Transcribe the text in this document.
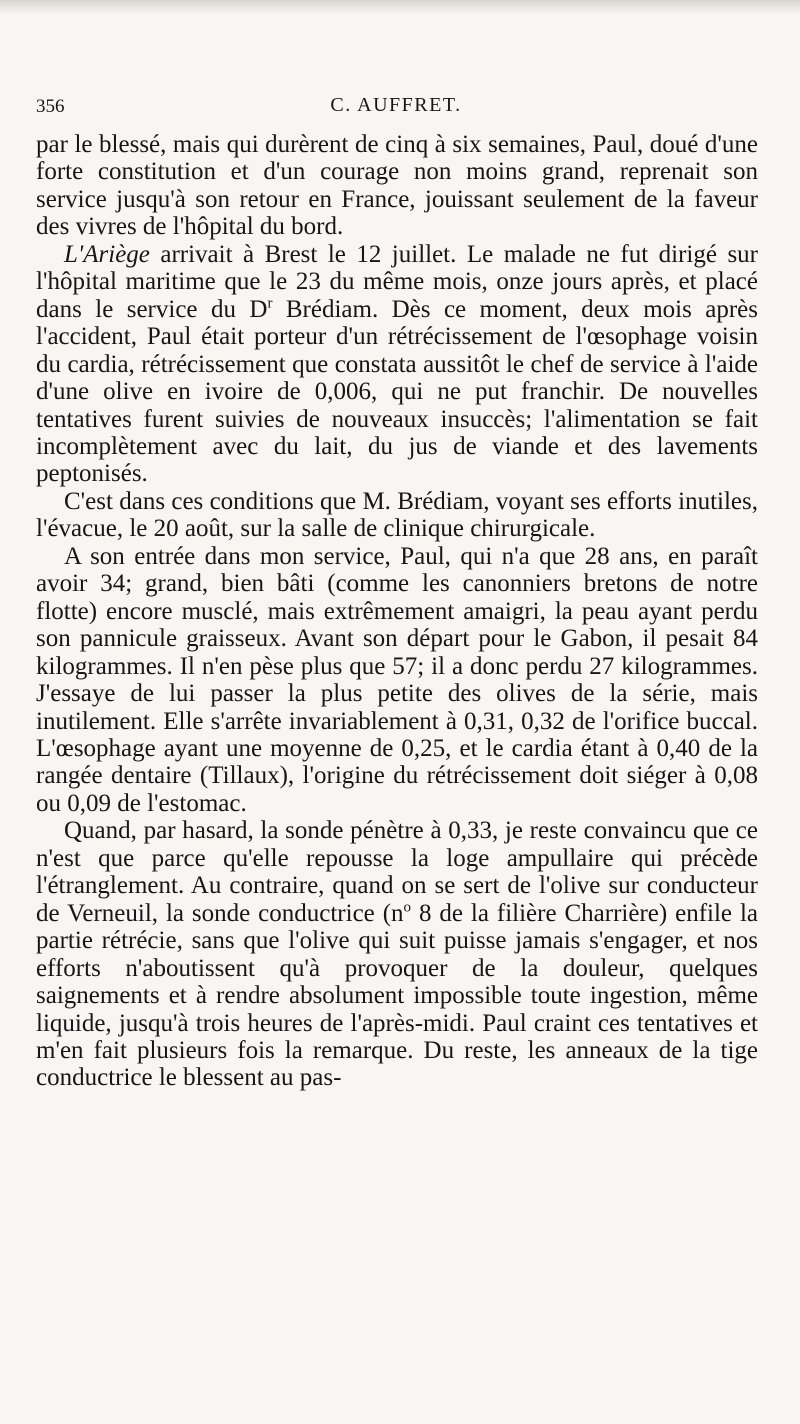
356	C. AUFFRET.

par le blessé, mais qui durèrent de cinq à six semaines, Paul, doué d'une forte constitution et d'un courage non moins grand, reprenait son service jusqu'à son retour en France, jouissant seulement de la faveur des vivres de l'hôpital du bord.

L'Ariège arrivait à Brest le 12 juillet. Le malade ne fut dirigé sur l'hôpital maritime que le 23 du même mois, onze jours après, et placé dans le service du $D^r$ Brédiam. Dès ce moment, deux mois après l'accident, Paul était porteur d'un rétrécissement de l'œsophage voisin du cardia, rétrécissement que constata aussitôt le chef de service à l'aide d'une olive en ivoire de 0,006, qui ne put franchir. De nouvelles tentatives furent suivies de nouveaux insuccès; l'alimentation se fait incomplètement avec du lait, du jus de viande et des lavements peptonisés.

C'est dans ces conditions que M. Brédiam, voyant ses efforts inutiles, l'évacue, le 20 août, sur la salle de clinique chirurgicale.

A son entrée dans mon service, Paul, qui n'a que 28 ans, en paraît avoir 34; grand, bien bâti (comme les canonniers bretons de notre flotte) encore musclé, mais extrêmement amaigri, la peau ayant perdu son pannicule graisseux. Avant son départ pour le Gabon, il pesait 84 kilogrammes. Il n'en pèse plus que 57; il a donc perdu 27 kilogrammes. J'essaye de lui passer la plus petite des olives de la série, mais inutilement. Elle s'arrête invariablement à 0,31, 0,32 de l'orifice buccal. L'œsophage ayant une moyenne de 0,25, et le cardia étant à 0,40 de la rangée dentaire (Tillaux), l'origine du rétrécissement doit siéger à 0,08 ou 0,09 de l'estomac.

Quand, par hasard, la sonde pénètre à 0,33, je reste convaincu que ce n'est que parce qu'elle repousse la loge ampullaire qui précède l'étranglement. Au contraire, quand on se sert de l'olive sur conducteur de Verneuil, la sonde conductrice ($n^o$ 8 de la filière Charrière) enfile la partie rétrécie, sans que l'olive qui suit puisse jamais s'engager, et nos efforts n'aboutissent qu'à provoquer de la douleur, quelques saignements et à rendre absolument impossible toute ingestion, même liquide, jusqu'à trois heures de l'après-midi. Paul craint ces tentatives et m'en fait plusieurs fois la remarque. Du reste, les anneaux de la tige conductrice le blessent au pas-
